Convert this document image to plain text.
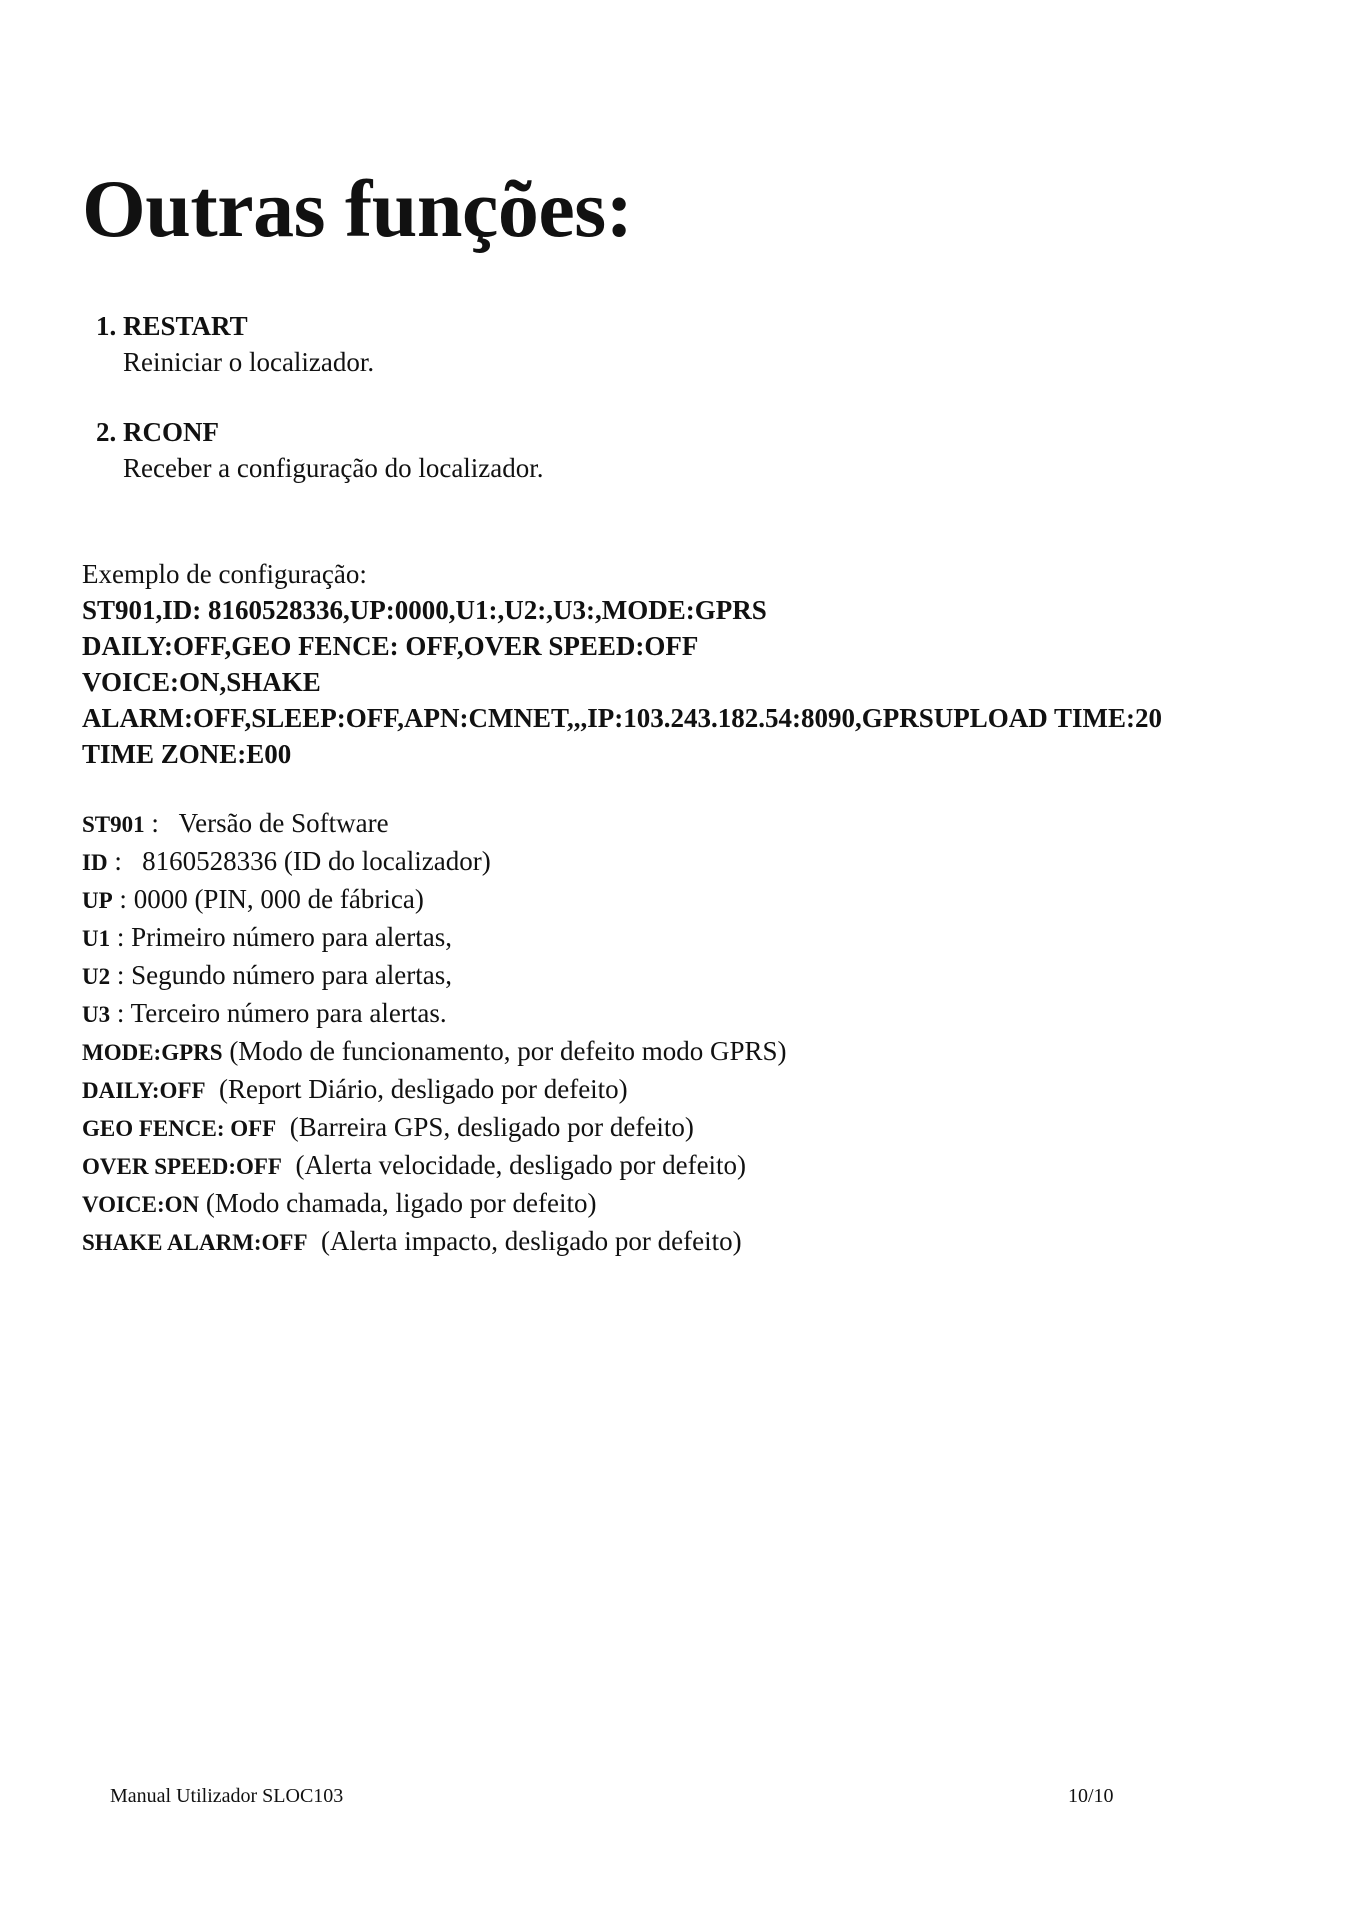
Outras funções:
1. RESTART
Reiniciar o localizador.
2. RCONF
Receber a configuração do localizador.
Exemplo de configuração:
ST901,ID: 8160528336,UP:0000,U1:,U2:,U3:,MODE:GPRS
DAILY:OFF,GEO FENCE: OFF,OVER SPEED:OFF
VOICE:ON,SHAKE
ALARM:OFF,SLEEP:OFF,APN:CMNET,,,IP:103.243.182.54:8090,GPRSUPLOAD TIME:20
TIME ZONE:E00
ST901 :   Versão de Software
ID :   8160528336 (ID do localizador)
UP : 0000 (PIN, 000 de fábrica)
U1 : Primeiro número para alertas,
U2 : Segundo número para alertas,
U3 : Terceiro número para alertas.
MODE:GPRS (Modo de funcionamento, por defeito modo GPRS)
DAILY:OFF (Report Diário, desligado por defeito)
GEO FENCE: OFF (Barreira GPS, desligado por defeito)
OVER SPEED:OFF (Alerta velocidade, desligado por defeito)
VOICE:ON (Modo chamada, ligado por defeito)
SHAKE ALARM:OFF (Alerta impacto, desligado por defeito)
Manual Utilizador SLOC103	10/10
